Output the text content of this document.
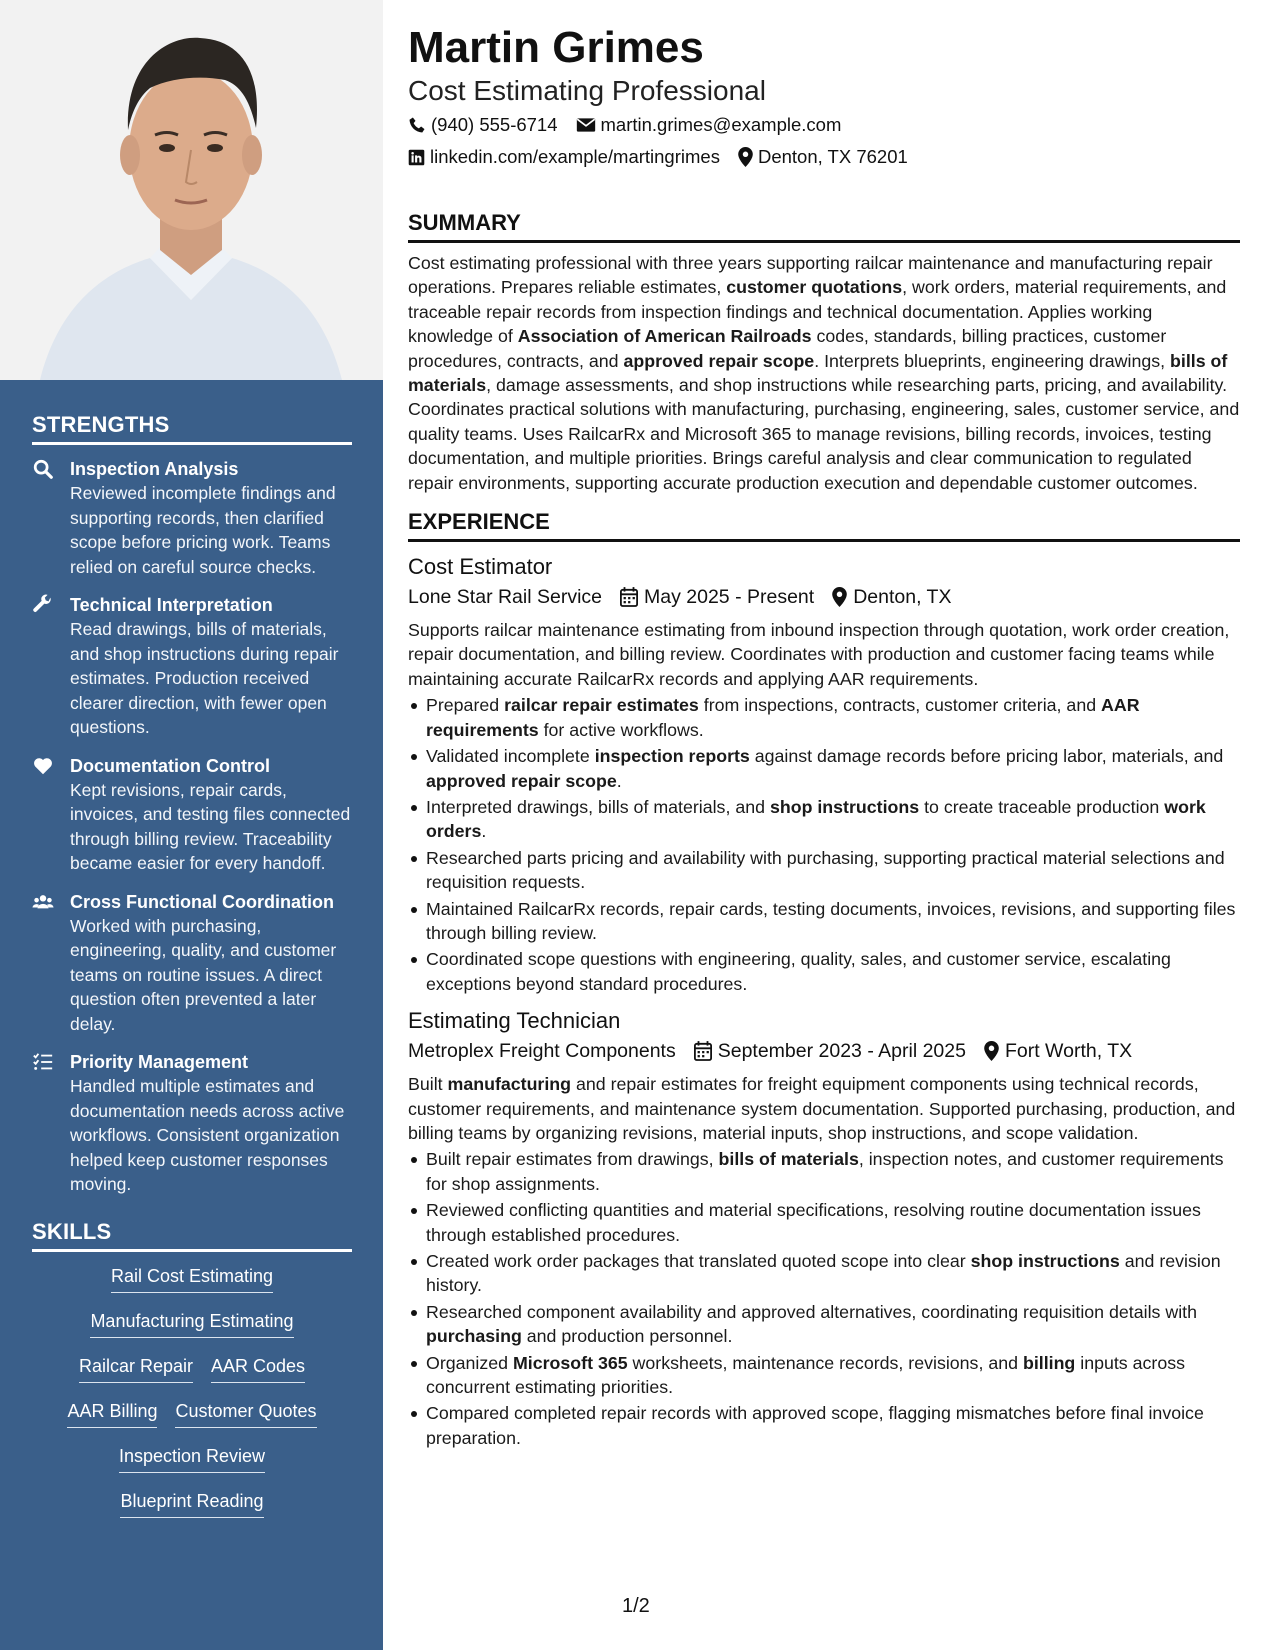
STRENGTHS
Inspection Analysis
Reviewed incomplete findings and supporting records, then clarified scope before pricing work. Teams relied on careful source checks.
Technical Interpretation
Read drawings, bills of materials, and shop instructions during repair estimates. Production received clearer direction, with fewer open questions.
Documentation Control
Kept revisions, repair cards, invoices, and testing files connected through billing review. Traceability became easier for every handoff.
Cross Functional Coordination
Worked with purchasing, engineering, quality, and customer teams on routine issues. A direct question often prevented a later delay.
Priority Management
Handled multiple estimates and documentation needs across active workflows. Consistent organization helped keep customer responses moving.
SKILLS
Rail Cost Estimating
Manufacturing Estimating
Railcar Repair AAR Codes
AAR Billing Customer Quotes
Inspection Review
Blueprint Reading
Martin Grimes
Cost Estimating Professional
(940) 555-6714 martin.grimes@example.com
linkedin.com/example/martingrimes Denton, TX 76201
SUMMARY
Cost estimating professional with three years supporting railcar maintenance and manufacturing repair operations. Prepares reliable estimates, customer quotations, work orders, material requirements, and traceable repair records from inspection findings and technical documentation. Applies working knowledge of Association of American Railroads codes, standards, billing practices, customer procedures, contracts, and approved repair scope. Interprets blueprints, engineering drawings, bills of materials, damage assessments, and shop instructions while researching parts, pricing, and availability. Coordinates practical solutions with manufacturing, purchasing, engineering, sales, customer service, and quality teams. Uses RailcarRx and Microsoft 365 to manage revisions, billing records, invoices, testing documentation, and multiple priorities. Brings careful analysis and clear communication to regulated repair environments, supporting accurate production execution and dependable customer outcomes.
EXPERIENCE
Cost Estimator
Lone Star Rail Service May 2025 - Present Denton, TX
Supports railcar maintenance estimating from inbound inspection through quotation, work order creation, repair documentation, and billing review. Coordinates with production and customer facing teams while maintaining accurate RailcarRx records and applying AAR requirements.
Prepared railcar repair estimates from inspections, contracts, customer criteria, and AAR requirements for active workflows.
Validated incomplete inspection reports against damage records before pricing labor, materials, and approved repair scope.
Interpreted drawings, bills of materials, and shop instructions to create traceable production work orders.
Researched parts pricing and availability with purchasing, supporting practical material selections and requisition requests.
Maintained RailcarRx records, repair cards, testing documents, invoices, revisions, and supporting files through billing review.
Coordinated scope questions with engineering, quality, sales, and customer service, escalating exceptions beyond standard procedures.
Estimating Technician
Metroplex Freight Components September 2023 - April 2025 Fort Worth, TX
Built manufacturing and repair estimates for freight equipment components using technical records, customer requirements, and maintenance system documentation. Supported purchasing, production, and billing teams by organizing revisions, material inputs, shop instructions, and scope validation.
Built repair estimates from drawings, bills of materials, inspection notes, and customer requirements for shop assignments.
Reviewed conflicting quantities and material specifications, resolving routine documentation issues through established procedures.
Created work order packages that translated quoted scope into clear shop instructions and revision history.
Researched component availability and approved alternatives, coordinating requisition details with purchasing and production personnel.
Organized Microsoft 365 worksheets, maintenance records, revisions, and billing inputs across concurrent estimating priorities.
Compared completed repair records with approved scope, flagging mismatches before final invoice preparation.
1/2
